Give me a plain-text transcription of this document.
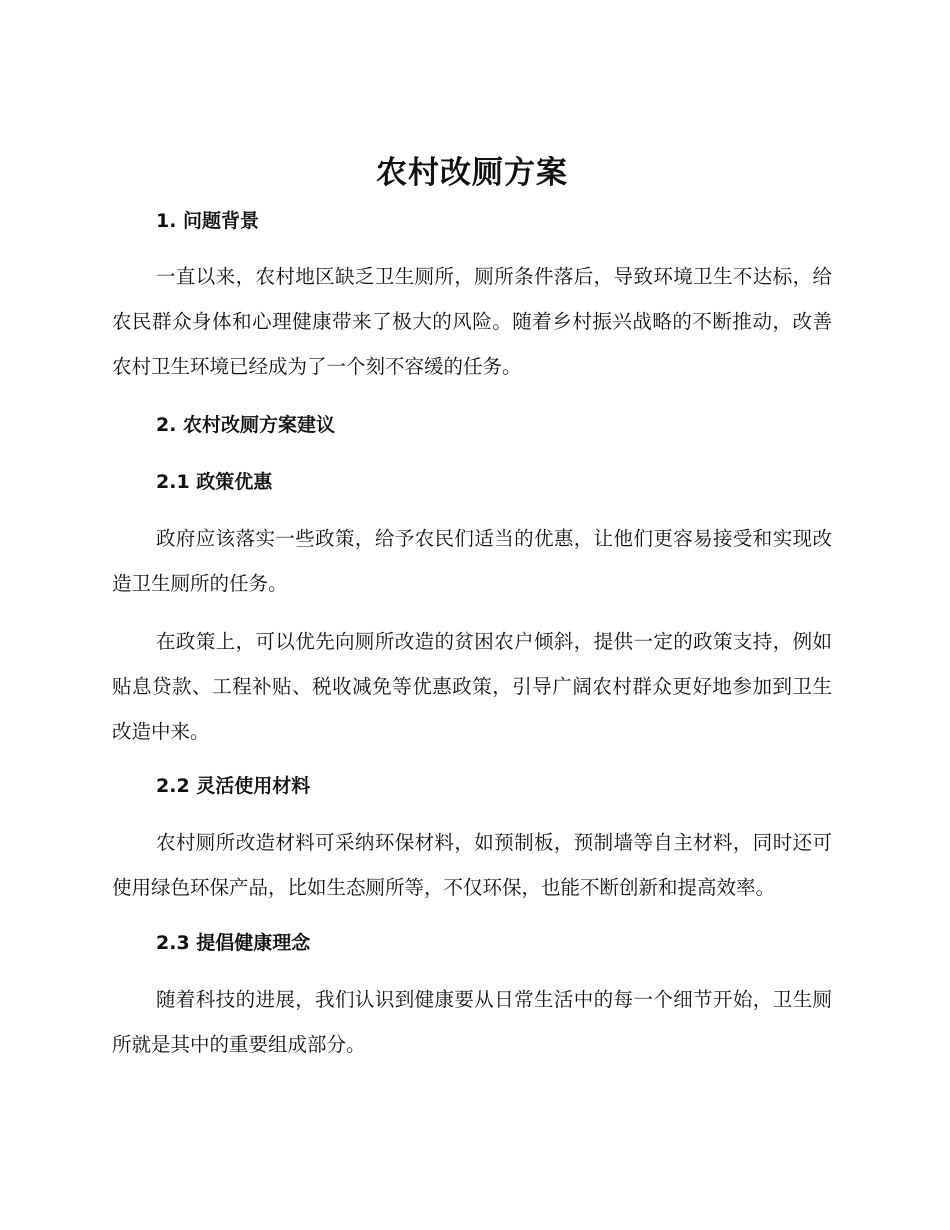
农村改厕方案
1. 问题背景

一直以来，农村地区缺乏卫生厕所，厕所条件落后，导致环境卫生不达标，给农民群众身体和心理健康带来了极大的风险。随着乡村振兴战略的不断推动，改善农村卫生环境已经成为了一个刻不容缓的任务。

2. 农村改厕方案建议
2.1 政策优惠

政府应该落实一些政策，给予农民们适当的优惠，让他们更容易接受和实现改造卫生厕所的任务。

在政策上，可以优先向厕所改造的贫困农户倾斜，提供一定的政策支持，例如贴息贷款、工程补贴、税收减免等优惠政策，引导广阔农村群众更好地参加到卫生改造中来。

2.2 灵活使用材料

农村厕所改造材料可采纳环保材料，如预制板，预制墙等自主材料，同时还可使用绿色环保产品，比如生态厕所等，不仅环保，也能不断创新和提高效率。

2.3 提倡健康理念

随着科技的进展，我们认识到健康要从日常生活中的每一个细节开始，卫生厕所就是其中的重要组成部分。
